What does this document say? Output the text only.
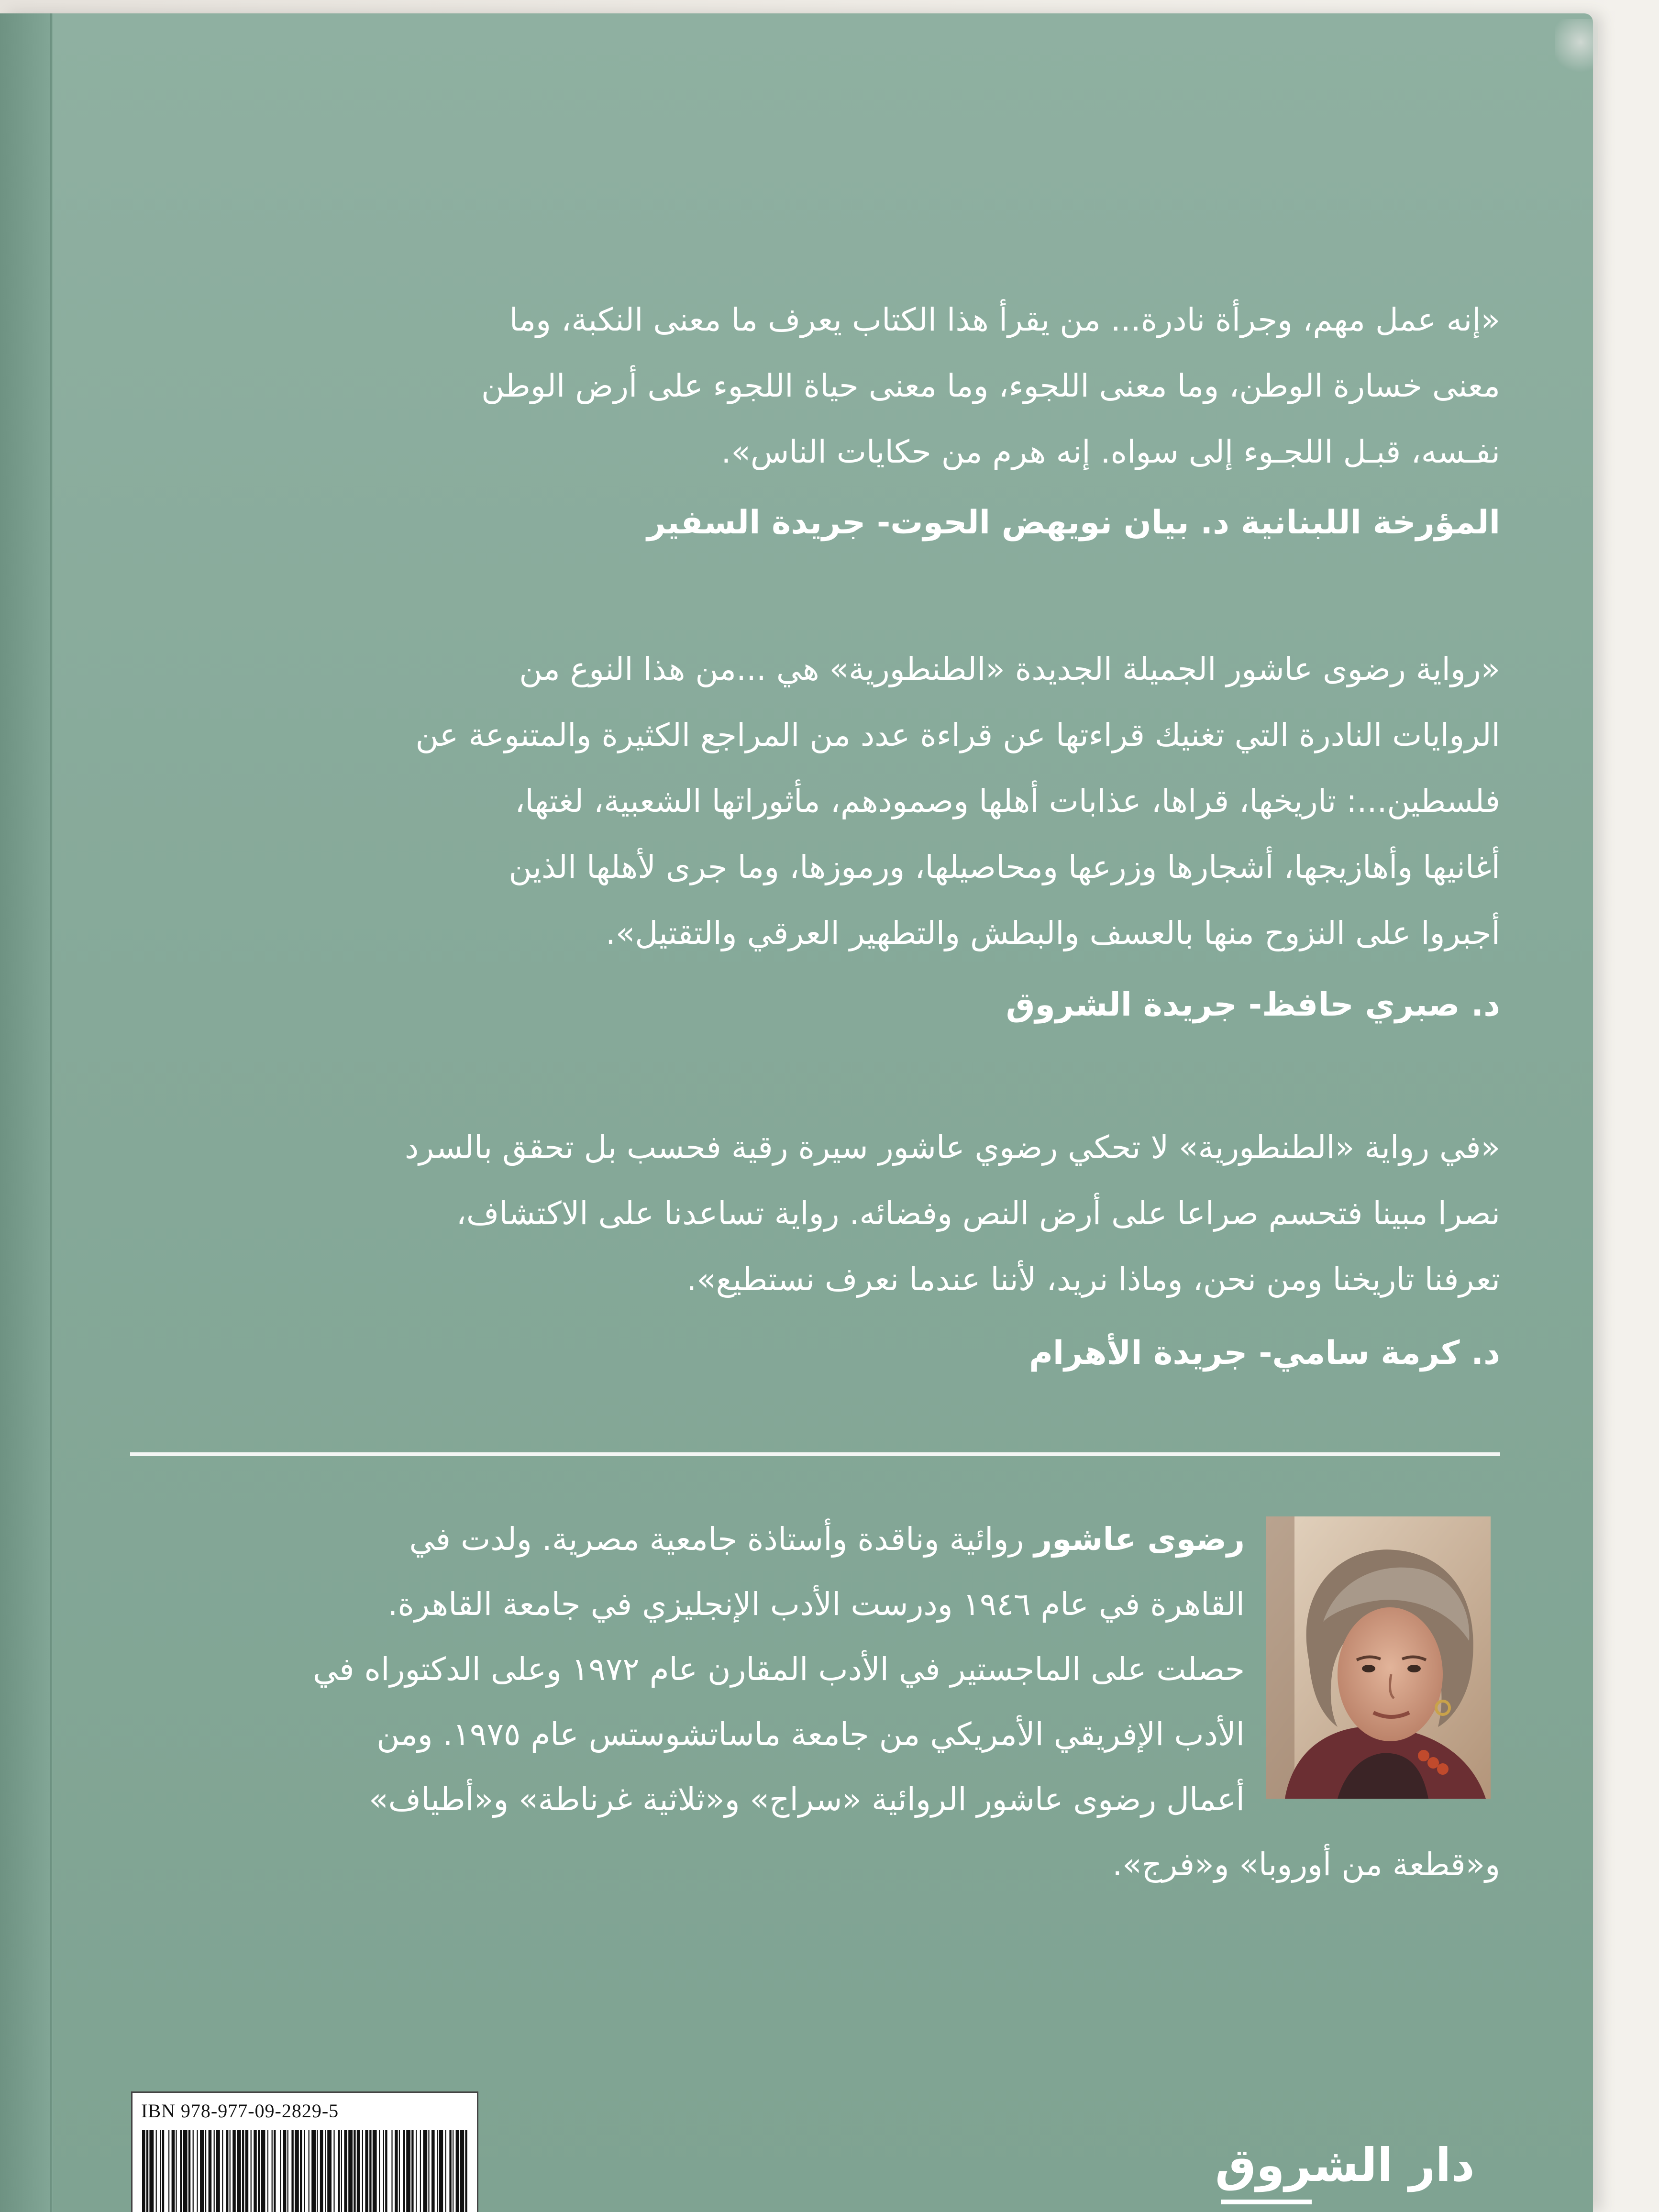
«إنه عمل مهم، وجرأة نادرة... من يقرأ هذا الكتاب يعرف ما معنى النكبة، وما

معنى خسارة الوطن، وما معنى اللجوء، وما معنى حياة اللجوء على أرض الوطن

نفـسه، قبـل اللجـوء إلى سواه. إنه هرم من حكايات الناس».

المؤرخة اللبنانية د. بيان نويهض الحوت- جريدة السفير

«رواية رضوى عاشور الجميلة الجديدة «الطنطورية» هي ...من هذا النوع من

الروايات النادرة التي تغنيك قراءتها عن قراءة عدد من المراجع الكثيرة والمتنوعة عن

فلسطين...: تاريخها، قراها، عذابات أهلها وصمودهم، مأثوراتها الشعبية، لغتها،

أغانيها وأهازيجها، أشجارها وزرعها ومحاصيلها، ورموزها، وما جرى لأهلها الذين

أجبروا على النزوح منها بالعسف والبطش والتطهير العرقي والتقتيل».

د. صبري حافظ- جريدة الشروق

«في رواية «الطنطورية» لا تحكي رضوي عاشور سيرة رقية فحسب بل تحقق بالسرد

نصرا مبينا فتحسم صراعا على أرض النص وفضائه. رواية تساعدنا على الاكتشاف،

تعرفنا تاريخنا ومن نحن، وماذا نريد، لأننا عندما نعرف نستطيع».

د. كرمة سامي- جريدة الأهرام

رضوى عاشور روائية وناقدة وأستاذة جامعية مصرية. ولدت في

القاهرة في عام ١٩٤٦ ودرست الأدب الإنجليزي في جامعة القاهرة.

حصلت على الماجستير في الأدب المقارن عام ١٩٧٢ وعلى الدكتوراه في

الأدب الإفريقي الأمريكي من جامعة ماساتشوستس عام ١٩٧٥. ومن

أعمال رضوى عاشور الروائية «سراج» و«ثلاثية غرناطة» و«أطياف»

و«قطعة من أوروبا» و«فرج».
IBN 978-977-09-2829-5
دار الشروق
